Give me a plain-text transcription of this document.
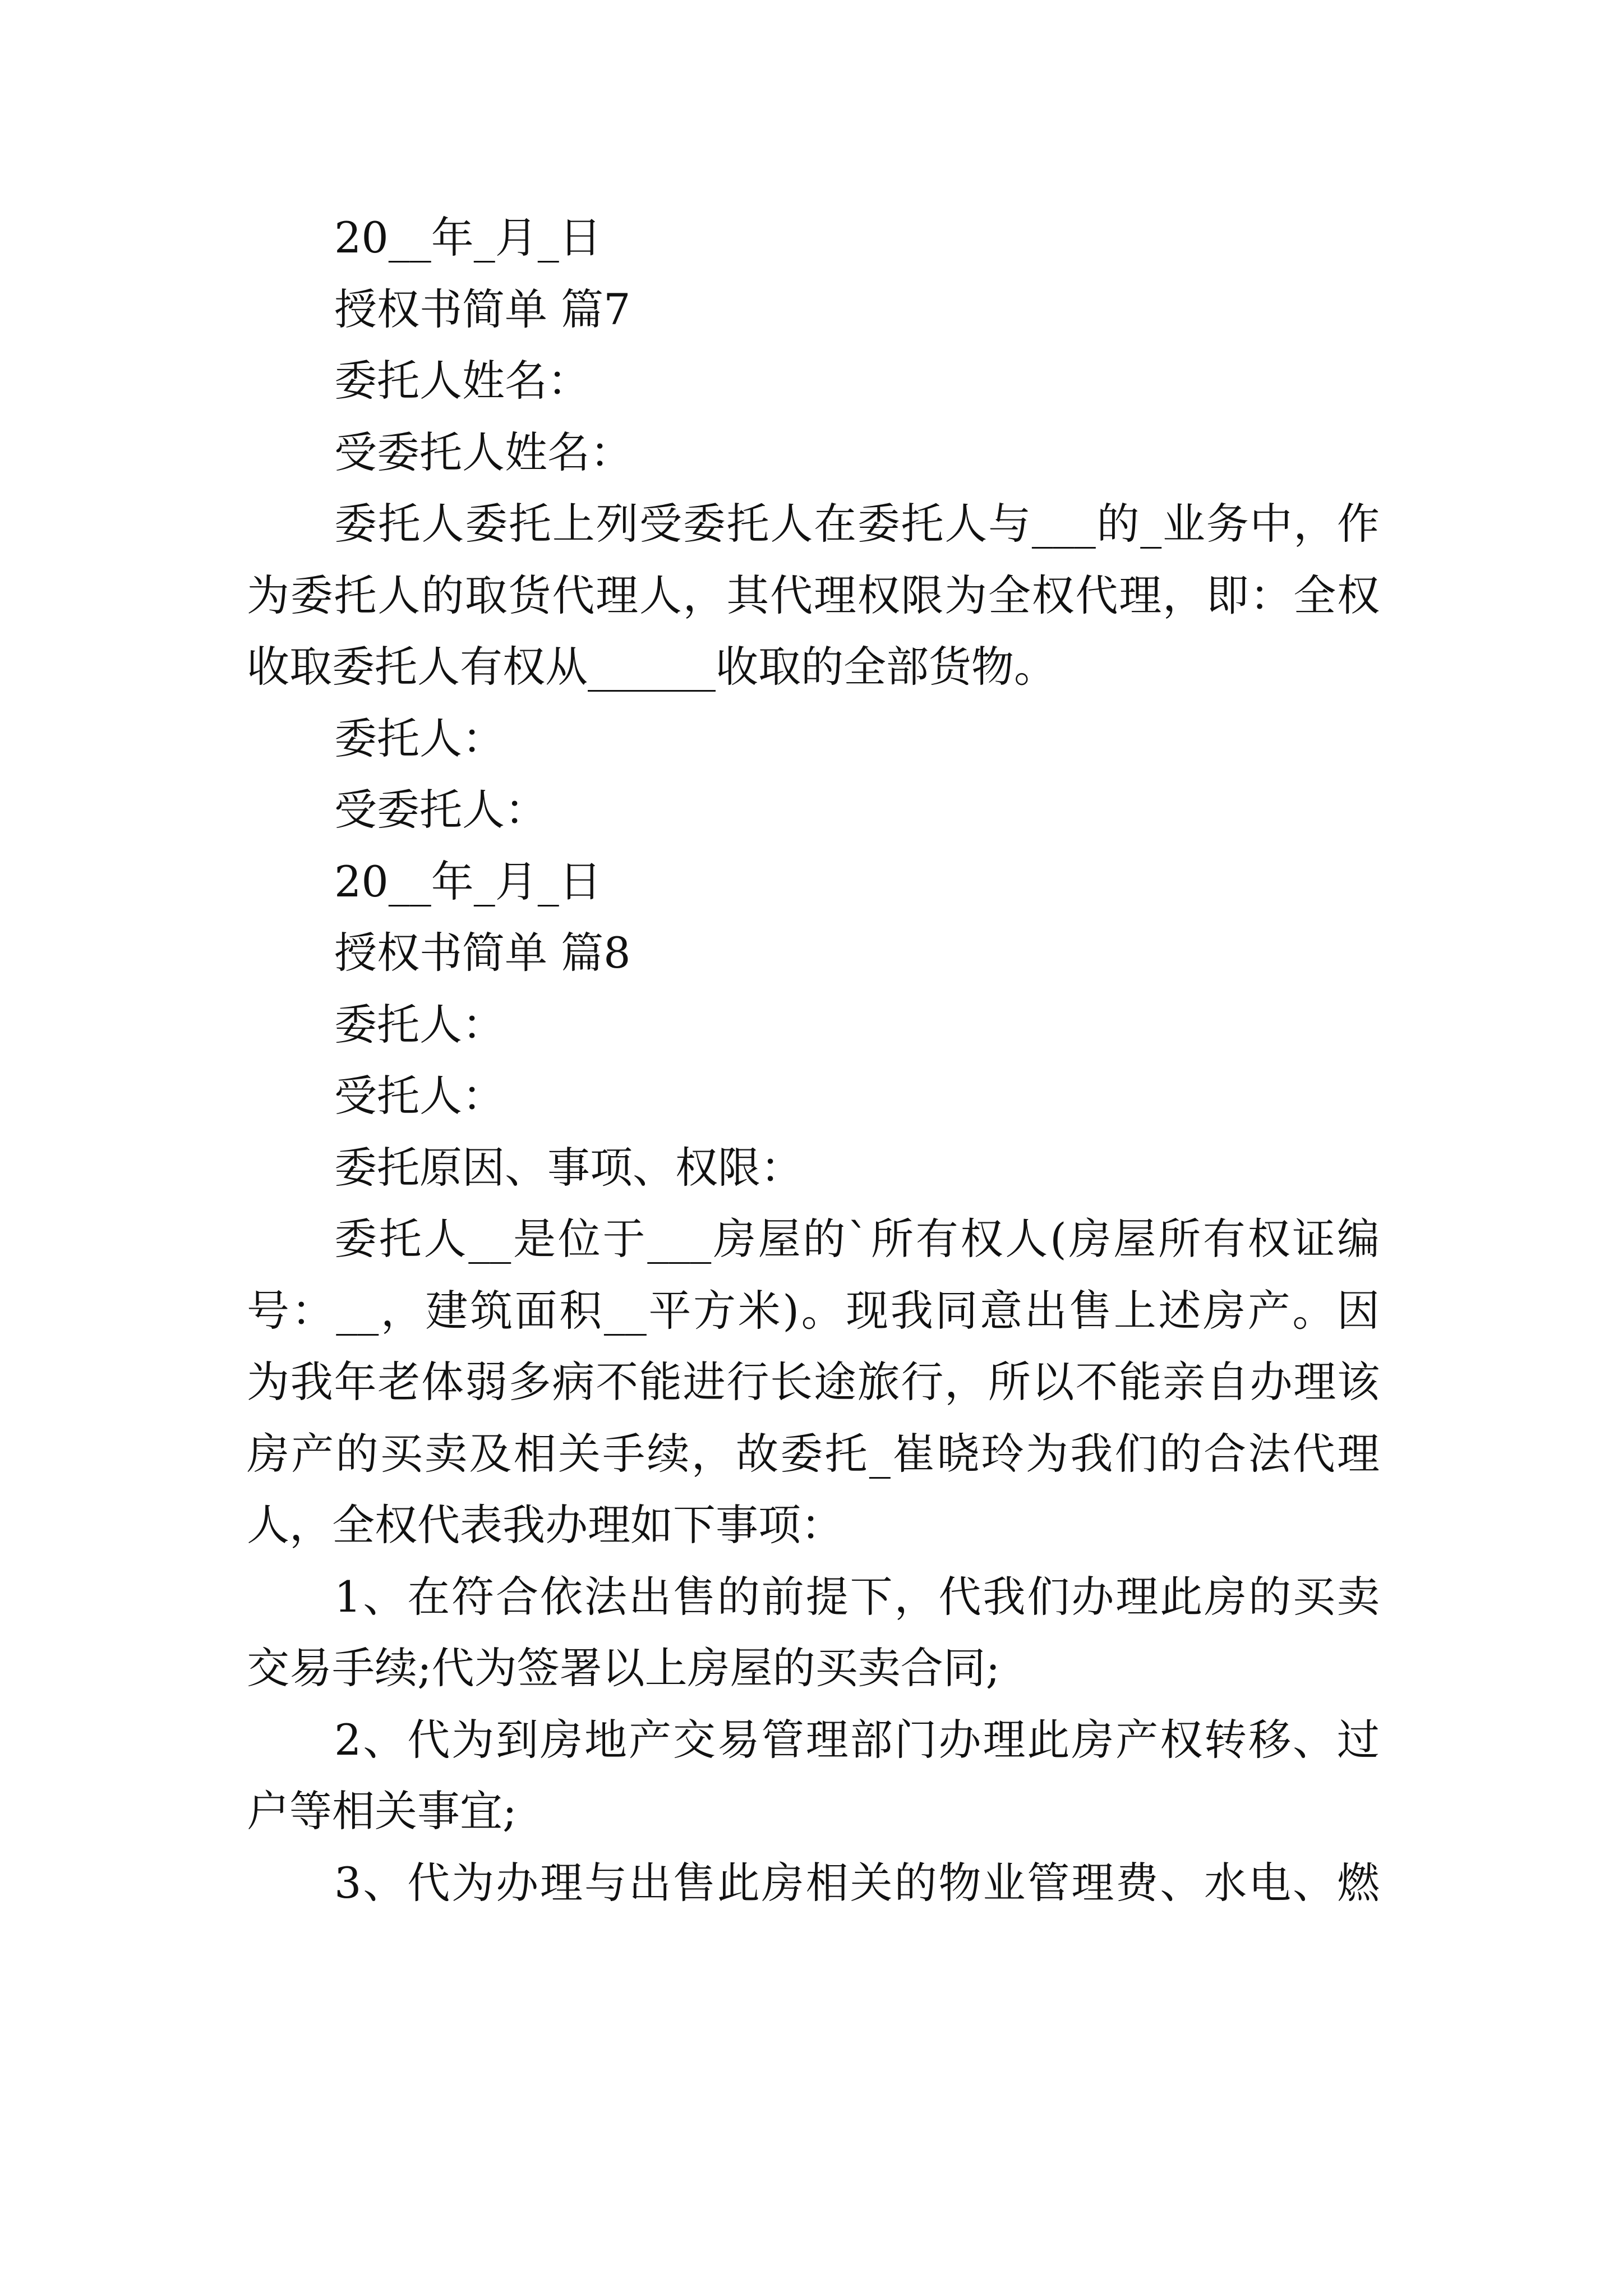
20__年_月_日
授权书简单 篇7
委托人姓名：
受委托人姓名：
委托人委托上列受委托人在委托人与___的_业务中，作
为委托人的取货代理人，其代理权限为全权代理，即：全权
收取委托人有权从______收取的全部货物。
委托人：
受委托人：
20__年_月_日
授权书简单 篇8
委托人：
受托人：
委托原因、事项、权限：
委托人__是位于___房屋的`所有权人(房屋所有权证编
号：__，建筑面积__平方米)。现我同意出售上述房产。因
为我年老体弱多病不能进行长途旅行，所以不能亲自办理该
房产的买卖及相关手续，故委托_崔晓玲为我们的合法代理
人，全权代表我办理如下事项：
1、在符合依法出售的前提下，代我们办理此房的买卖
交易手续;代为签署以上房屋的买卖合同;
2、代为到房地产交易管理部门办理此房产权转移、过
户等相关事宜;
3、代为办理与出售此房相关的物业管理费、水电、燃
